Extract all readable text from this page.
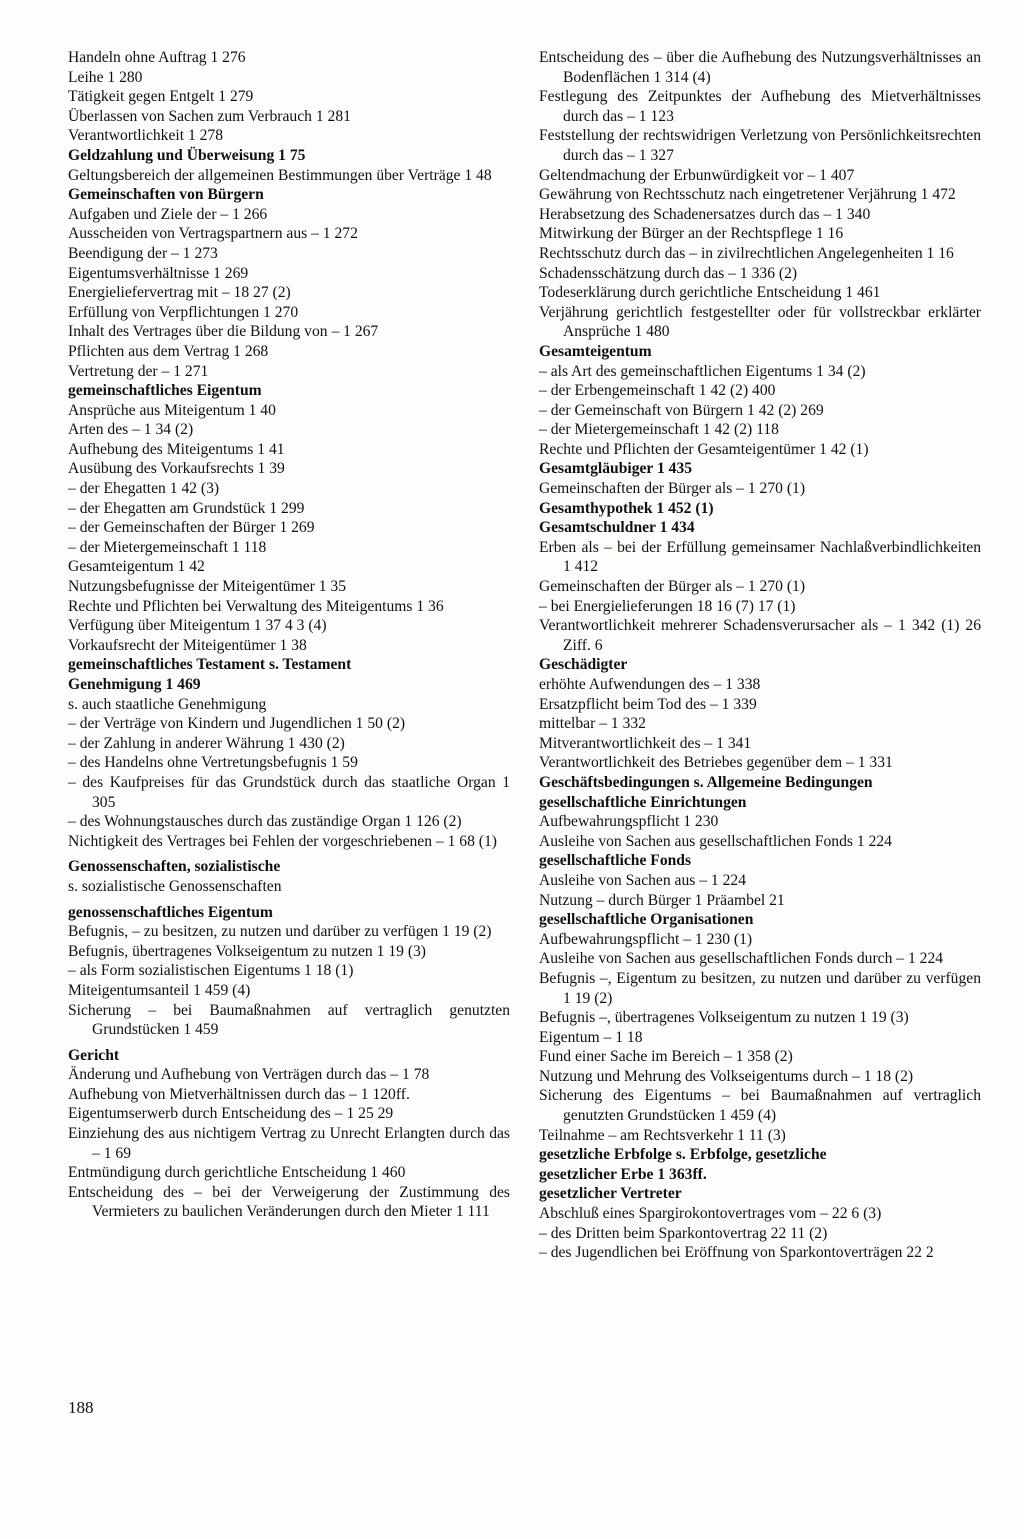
Handeln ohne Auftrag 1 276
Leihe 1 280
Tätigkeit gegen Entgelt 1 279
Überlassen von Sachen zum Verbrauch 1 281
Verantwortlichkeit 1 278
Geldzahlung und Überweisung 1 75
Geltungsbereich der allgemeinen Bestimmungen über Verträge 1 48
Gemeinschaften von Bürgern
Aufgaben und Ziele der – 1 266
Ausscheiden von Vertragspartnern aus – 1 272
Beendigung der – 1 273
Eigentumsverhältnisse 1 269
Energieliefervertrag mit – 18 27 (2)
Erfüllung von Verpflichtungen 1 270
Inhalt des Vertrages über die Bildung von – 1 267
Pflichten aus dem Vertrag 1 268
Vertretung der – 1 271
gemeinschaftliches Eigentum
Ansprüche aus Miteigentum 1 40
Arten des – 1 34 (2)
Aufhebung des Miteigentums 1 41
Ausübung des Vorkaufsrechts 1 39
– der Ehegatten 1 42 (3)
– der Ehegatten am Grundstück 1 299
– der Gemeinschaften der Bürger 1 269
– der Mietergemeinschaft 1 118
Gesamteigentum 1 42
Nutzungsbefugnisse der Miteigentümer 1 35
Rechte und Pflichten bei Verwaltung des Miteigentums 1 36
Verfügung über Miteigentum 1 37 4 3 (4)
Vorkaufsrecht der Miteigentümer 1 38
gemeinschaftliches Testament s. Testament
Genehmigung 1 469
s. auch staatliche Genehmigung
– der Verträge von Kindern und Jugendlichen 1 50 (2)
– der Zahlung in anderer Währung 1 430 (2)
– des Handelns ohne Vertretungsbefugnis 1 59
– des Kaufpreises für das Grundstück durch das staatliche Organ 1 305
– des Wohnungstausches durch das zuständige Organ 1 126 (2)
Nichtigkeit des Vertrages bei Fehlen der vorgeschriebenen – 1 68 (1)
Genossenschaften, sozialistische
s. sozialistische Genossenschaften
genossenschaftliches Eigentum
Befugnis, – zu besitzen, zu nutzen und darüber zu verfügen 1 19 (2)
Befugnis, übertragenes Volkseigentum zu nutzen 1 19 (3)
– als Form sozialistischen Eigentums 1 18 (1)
Miteigentumsanteil 1 459 (4)
Sicherung – bei Baumaßnahmen auf vertraglich genutzten Grundstücken 1 459
Gericht
Änderung und Aufhebung von Verträgen durch das – 1 78
Aufhebung von Mietverhältnissen durch das – 1 120ff.
Eigentumserwerb durch Entscheidung des – 1 25 29
Einziehung des aus nichtigem Vertrag zu Unrecht Erlangten durch das – 1 69
Entmündigung durch gerichtliche Entscheidung 1 460
Entscheidung des – bei der Verweigerung der Zustimmung des Vermieters zu baulichen Veränderungen durch den Mieter 1 111
Entscheidung des – über die Aufhebung des Nutzungsverhältnisses an Bodenflächen 1 314 (4)
Festlegung des Zeitpunktes der Aufhebung des Mietverhältnisses durch das – 1 123
Feststellung der rechtswidrigen Verletzung von Persönlichkeitsrechten durch das – 1 327
Geltendmachung der Erbunwürdigkeit vor – 1 407
Gewährung von Rechtsschutz nach eingetretener Verjährung 1 472
Herabsetzung des Schadenersatzes durch das – 1 340
Mitwirkung der Bürger an der Rechtspflege 1 16
Rechtsschutz durch das – in zivilrechtlichen Angelegenheiten 1 16
Schadensschätzung durch das – 1 336 (2)
Todeserklärung durch gerichtliche Entscheidung 1 461
Verjährung gerichtlich festgestellter oder für vollstreckbar erklärter Ansprüche 1 480
Gesamteigentum
– als Art des gemeinschaftlichen Eigentums 1 34 (2)
– der Erbengemeinschaft 1 42 (2) 400
– der Gemeinschaft von Bürgern 1 42 (2) 269
– der Mietergemeinschaft 1 42 (2) 118
Rechte und Pflichten der Gesamteigentümer 1 42 (1)
Gesamtgläubiger 1 435
Gemeinschaften der Bürger als – 1 270 (1)
Gesamthypothek 1 452 (1)
Gesamtschuldner 1 434
Erben als – bei der Erfüllung gemeinsamer Nachlaßverbindlichkeiten 1 412
Gemeinschaften der Bürger als – 1 270 (1)
– bei Energielieferungen 18 16 (7) 17 (1)
Verantwortlichkeit mehrerer Schadensverursacher als – 1 342 (1) 26 Ziff. 6
Geschädigter
erhöhte Aufwendungen des – 1 338
Ersatzpflicht beim Tod des – 1 339
mittelbar – 1 332
Mitverantwortlichkeit des – 1 341
Verantwortlichkeit des Betriebes gegenüber dem – 1 331
Geschäftsbedingungen s. Allgemeine Bedingungen
gesellschaftliche Einrichtungen
Aufbewahrungspflicht 1 230
Ausleihe von Sachen aus gesellschaftlichen Fonds 1 224
gesellschaftliche Fonds
Ausleihe von Sachen aus – 1 224
Nutzung – durch Bürger 1 Präambel 21
gesellschaftliche Organisationen
Aufbewahrungspflicht – 1 230 (1)
Ausleihe von Sachen aus gesellschaftlichen Fonds durch – 1 224
Befugnis –, Eigentum zu besitzen, zu nutzen und darüber zu verfügen 1 19 (2)
Befugnis –, übertragenes Volkseigentum zu nutzen 1 19 (3)
Eigentum – 1 18
Fund einer Sache im Bereich – 1 358 (2)
Nutzung und Mehrung des Volkseigentums durch – 1 18 (2)
Sicherung des Eigentums – bei Baumaßnahmen auf vertraglich genutzten Grundstücken 1 459 (4)
Teilnahme – am Rechtsverkehr 1 11 (3)
gesetzliche Erbfolge s. Erbfolge, gesetzliche
gesetzlicher Erbe 1 363ff.
gesetzlicher Vertreter
Abschluß eines Spargirokontovertrages vom – 22 6 (3)
– des Dritten beim Sparkontovertrag 22 11 (2)
– des Jugendlichen bei Eröffnung von Sparkontoverträgen 22 2
188
